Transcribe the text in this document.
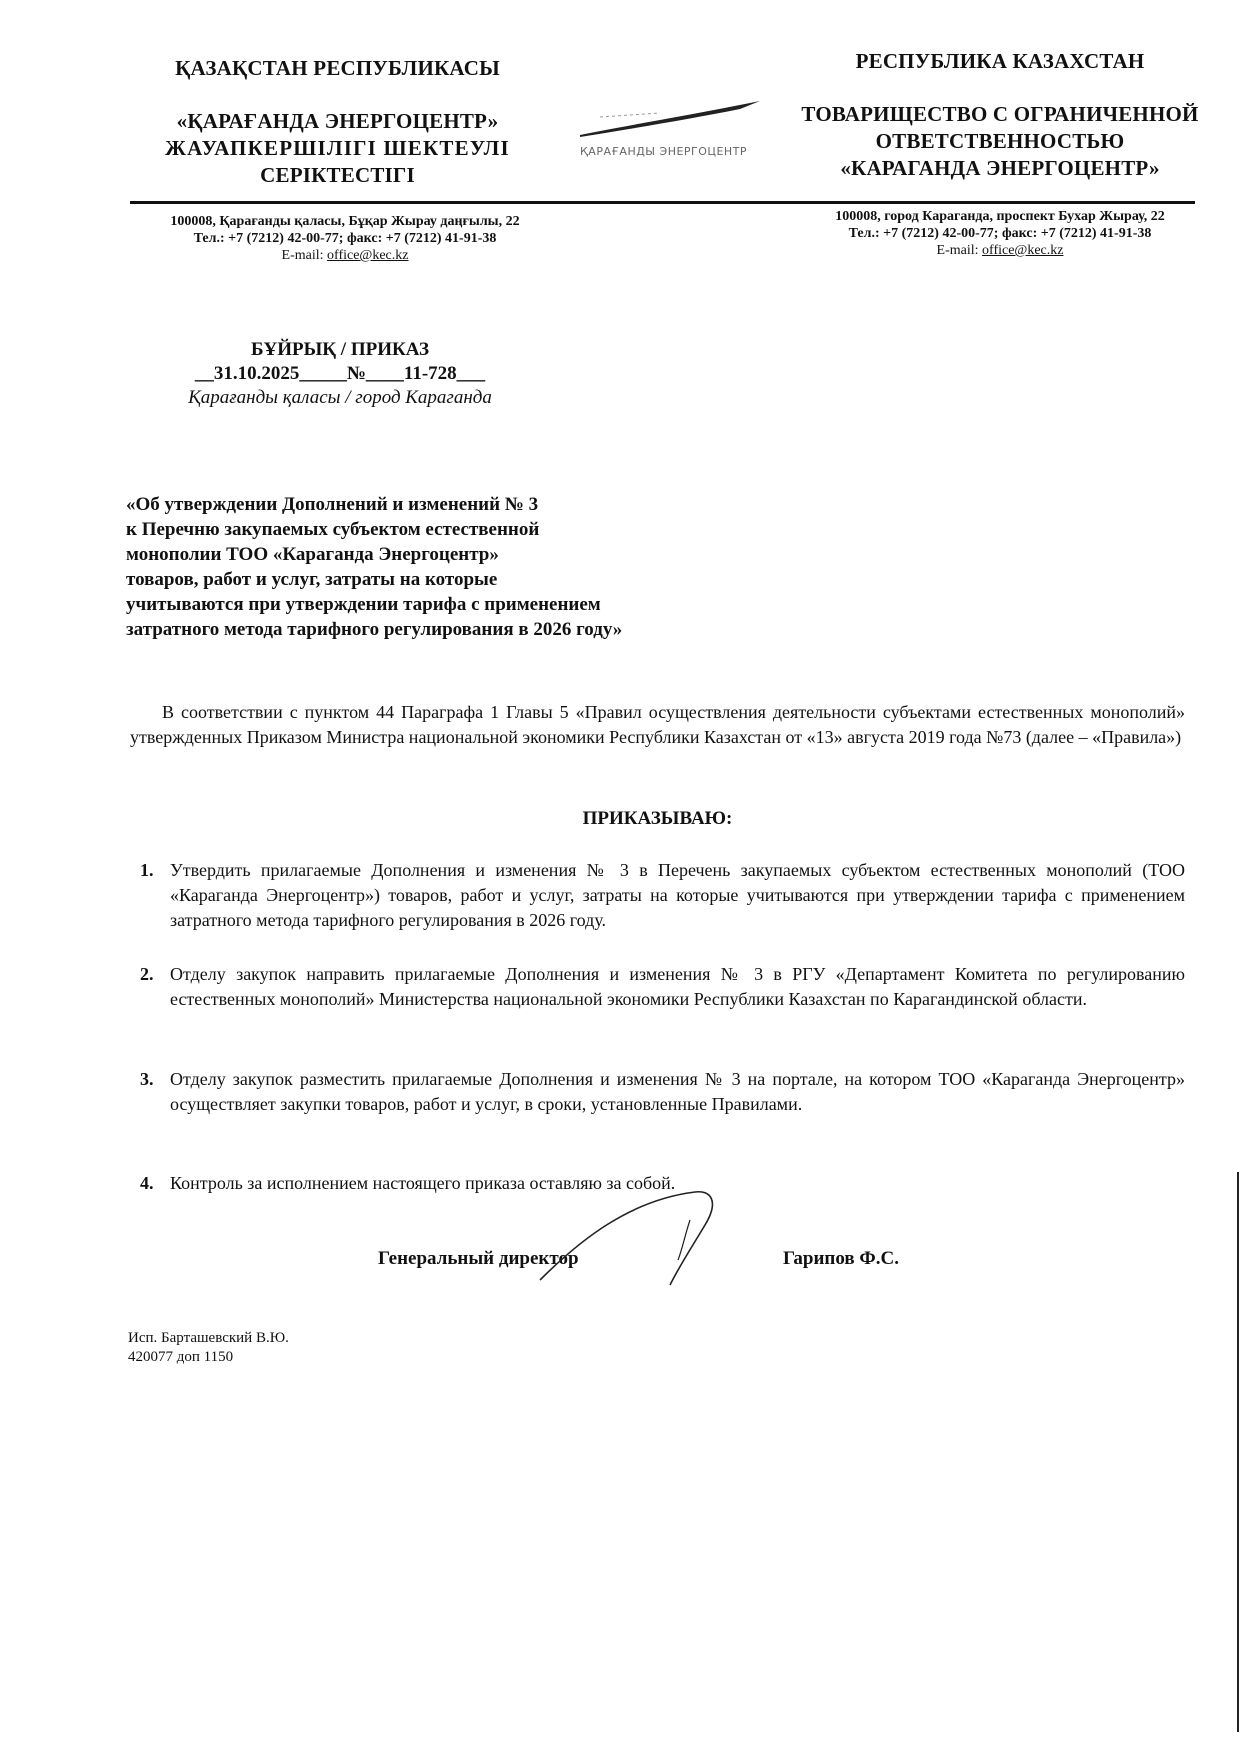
ҚАЗАҚСТАН РЕСПУБЛИКАСЫ
«ҚАРАҒАНДА ЭНЕРГОЦЕНТР»
ЖАУАПКЕРШІЛІГІ ШЕКТЕУЛІ
СЕРІКТЕСТІГІ
ҚАРАҒАНДЫ ЭНЕРГОЦЕНТР
РЕСПУБЛИКА КАЗАХСТАН
ТОВАРИЩЕСТВО С ОГРАНИЧЕННОЙ
ОТВЕТСТВЕННОСТЬЮ
«КАРАГАНДА ЭНЕРГОЦЕНТР»
100008, Қарағанды қаласы, Бұқар Жырау даңғылы, 22
Тел.: +7 (7212) 42-00-77; факс: +7 (7212) 41-91-38
E-mail: office@kec.kz
100008, город Караганда, проспект Бухар Жырау, 22
Тел.: +7 (7212) 42-00-77; факс: +7 (7212) 41-91-38
E-mail: office@kec.kz
БҰЙРЫҚ / ПРИКАЗ
__31.10.2025_____№____11-728___
Қарағанды қаласы / город Караганда
«Об утверждении Дополнений и изменений № 3
к Перечню закупаемых субъектом естественной
монополии ТОО «Караганда Энергоцентр»
товаров, работ и услуг, затраты на которые
учитываются при утверждении тарифа с применением
затратного метода тарифного регулирования в 2026 году»
В соответствии с пунктом 44 Параграфа 1 Главы 5 «Правил осуществления деятельности субъектами естественных монополий» утвержденных Приказом Министра национальной экономики Республики Казахстан от «13» августа 2019 года №73 (далее – «Правила»)
ПРИКАЗЫВАЮ:
1. Утвердить прилагаемые Дополнения и изменения № 3 в Перечень закупаемых субъектом естественных монополий (ТОО «Караганда Энергоцентр») товаров, работ и услуг, затраты на которые учитываются при утверждении тарифа с применением затратного метода тарифного регулирования в 2026 году.
2. Отделу закупок направить прилагаемые Дополнения и изменения № 3 в РГУ «Департамент Комитета по регулированию естественных монополий» Министерства национальной экономики Республики Казахстан по Карагандинской области.
3. Отделу закупок разместить прилагаемые Дополнения и изменения № 3 на портале, на котором ТОО «Караганда Энергоцентр» осуществляет закупки товаров, работ и услуг, в сроки, установленные Правилами.
4. Контроль за исполнением настоящего приказа оставляю за собой.
Генеральный директор	Гарипов Ф.С.
Исп. Барташевский В.Ю.
420077 доп 1150
